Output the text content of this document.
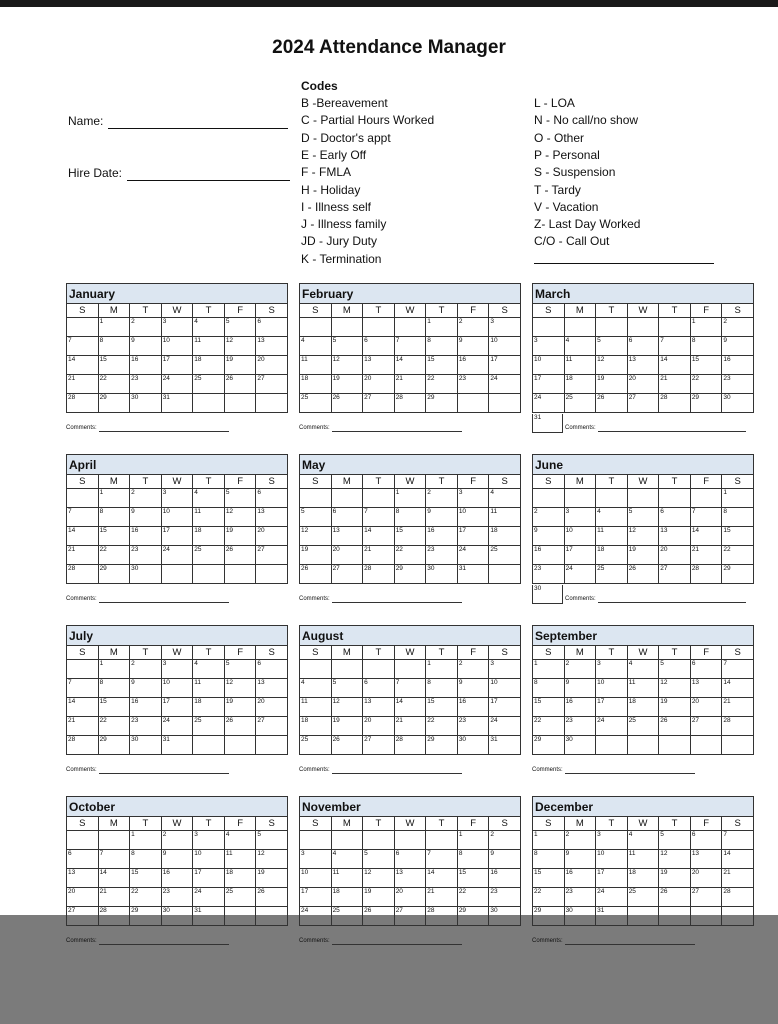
2024 Attendance Manager
Name:
Hire Date:
Codes
B -Bereavement
C - Partial Hours Worked
D - Doctor's appt
E - Early Off
F - FMLA
H - Holiday
I - Illness self
J - Illness family
JD - Jury Duty
K - Termination
L - LOA
N - No call/no show
O - Other
P - Personal
S - Suspension
T - Tardy
V - Vacation
Z- Last Day Worked
C/O - Call Out
January						
S	M	T	W	T	F	S
	1	2	3	4	5	6
7	8	9	10	11	12	13
14	15	16	17	18	19	20
21	22	23	24	25	26	27
28	29	30	31			
Comments:
February						
S	M	T	W	T	F	S
				1	2	3
4	5	6	7	8	9	10
11	12	13	14	15	16	17
18	19	20	21	22	23	24
25	26	27	28	29		
Comments:
March						
S	M	T	W	T	F	S
					1	2
3	4	5	6	7	8	9
10	11	12	13	14	15	16
17	18	19	20	21	22	23
24	25	26	27	28	29	30
31
Comments:
April						
S	M	T	W	T	F	S
	1	2	3	4	5	6
7	8	9	10	11	12	13
14	15	16	17	18	19	20
21	22	23	24	25	26	27
28	29	30				
Comments:
May						
S	M	T	W	T	F	S
			1	2	3	4
5	6	7	8	9	10	11
12	13	14	15	16	17	18
19	20	21	22	23	24	25
26	27	28	29	30	31	
Comments:
June						
S	M	T	W	T	F	S
						1
2	3	4	5	6	7	8
9	10	11	12	13	14	15
16	17	18	19	20	21	22
23	24	25	26	27	28	29
30
Comments:
July						
S	M	T	W	T	F	S
	1	2	3	4	5	6
7	8	9	10	11	12	13
14	15	16	17	18	19	20
21	22	23	24	25	26	27
28	29	30	31			
Comments:
August						
S	M	T	W	T	F	S
				1	2	3
4	5	6	7	8	9	10
11	12	13	14	15	16	17
18	19	20	21	22	23	24
25	26	27	28	29	30	31
Comments:
September						
S	M	T	W	T	F	S
1	2	3	4	5	6	7
8	9	10	11	12	13	14
15	16	17	18	19	20	21
22	23	24	25	26	27	28
29	30					
Comments:
October						
S	M	T	W	T	F	S
		1	2	3	4	5
6	7	8	9	10	11	12
13	14	15	16	17	18	19
20	21	22	23	24	25	26
27	28	29	30	31		
Comments:
November						
S	M	T	W	T	F	S
					1	2
3	4	5	6	7	8	9
10	11	12	13	14	15	16
17	18	19	20	21	22	23
24	25	26	27	28	29	30
Comments:
December						
S	M	T	W	T	F	S
1	2	3	4	5	6	7
8	9	10	11	12	13	14
15	16	17	18	19	20	21
22	23	24	25	26	27	28
29	30	31				
Comments:
